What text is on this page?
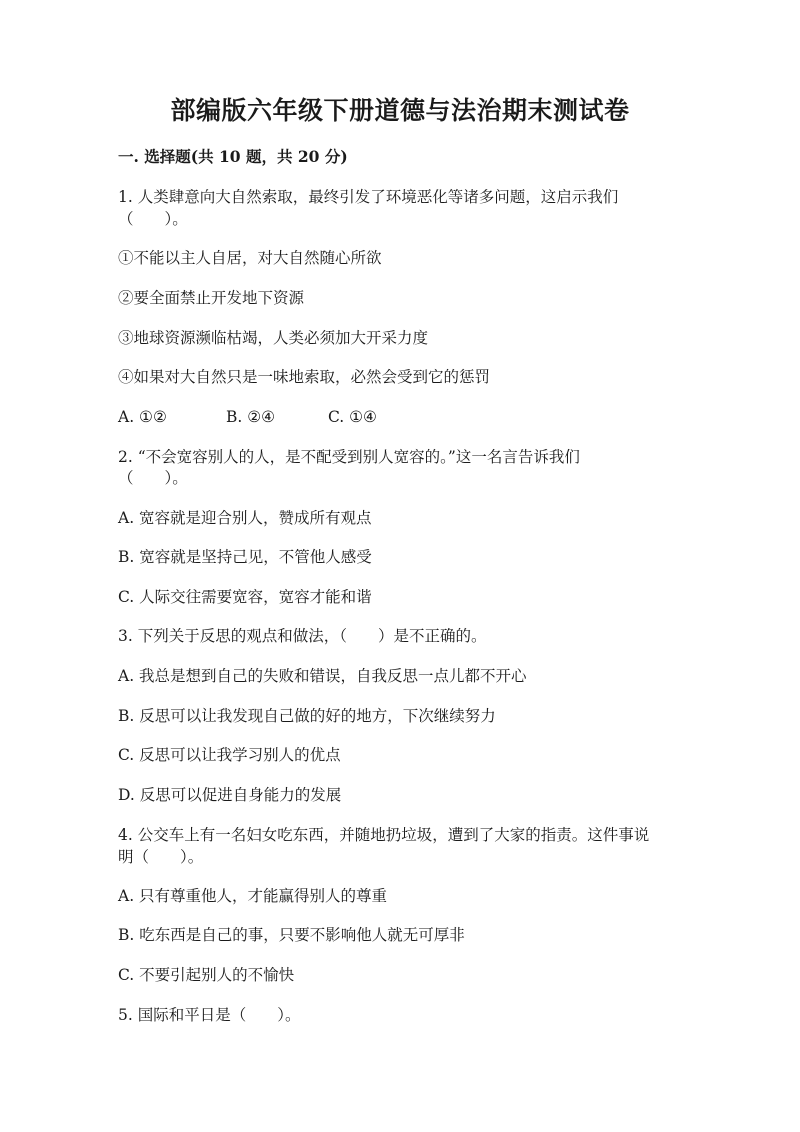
部编版六年级下册道德与法治期末测试卷

一. 选择题(共 10 题，共 20 分)

1. 人类肆意向大自然索取，最终引发了环境恶化等诸多问题，这启示我们

（　　）。

①不能以主人自居，对大自然随心所欲

②要全面禁止开发地下资源

③地球资源濒临枯竭，人类必须加大开采力度

④如果对大自然只是一味地索取，必然会受到它的惩罚

A. ①②	B. ②④	C. ①④

2. “不会宽容别人的人，是不配受到别人宽容的。”这一名言告诉我们

（　　）。

A. 宽容就是迎合别人，赞成所有观点

B. 宽容就是坚持己见，不管他人感受

C. 人际交往需要宽容，宽容才能和谐

3. 下列关于反思的观点和做法，（　　）是不正确的。

A. 我总是想到自己的失败和错误，自我反思一点儿都不开心

B. 反思可以让我发现自己做的好的地方，下次继续努力

C. 反思可以让我学习别人的优点

D. 反思可以促进自身能力的发展

4. 公交车上有一名妇女吃东西，并随地扔垃圾，遭到了大家的指责。这件事说

明（　　）。

A. 只有尊重他人，才能赢得别人的尊重

B. 吃东西是自己的事，只要不影响他人就无可厚非

C. 不要引起别人的不愉快

5. 国际和平日是（　　）。
